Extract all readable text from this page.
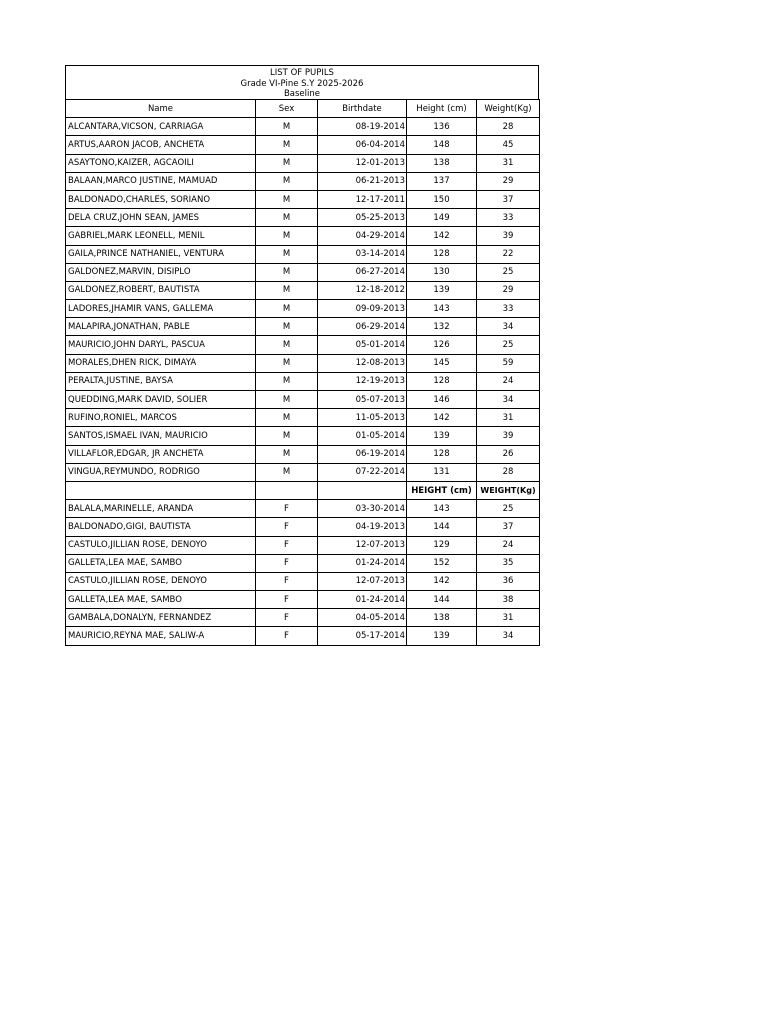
LIST OF PUPILS
Grade VI-Pine S.Y 2025-2026
Baseline
Name	Sex	Birthdate	Height (cm)	Weight(Kg)
ALCANTARA,VICSON, CARRIAGA	M	08-19-2014	136	28
ARTUS,AARON JACOB, ANCHETA	M	06-04-2014	148	45
ASAYTONO,KAIZER, AGCAOILI	M	12-01-2013	138	31
BALAAN,MARCO JUSTINE, MAMUAD	M	06-21-2013	137	29
BALDONADO,CHARLES, SORIANO	M	12-17-2011	150	37
DELA CRUZ,JOHN SEAN, JAMES	M	05-25-2013	149	33
GABRIEL,MARK LEONELL, MENIL	M	04-29-2014	142	39
GAILA,PRINCE NATHANIEL, VENTURA	M	03-14-2014	128	22
GALDONEZ,MARVIN, DISIPLO	M	06-27-2014	130	25
GALDONEZ,ROBERT, BAUTISTA	M	12-18-2012	139	29
LADORES,JHAMIR VANS, GALLEMA	M	09-09-2013	143	33
MALAPIRA,JONATHAN, PABLE	M	06-29-2014	132	34
MAURICIO,JOHN DARYL, PASCUA	M	05-01-2014	126	25
MORALES,DHEN RICK, DIMAYA	M	12-08-2013	145	59
PERALTA,JUSTINE, BAYSA	M	12-19-2013	128	24
QUEDDING,MARK DAVID, SOLIER	M	05-07-2013	146	34
RUFINO,RONIEL, MARCOS	M	11-05-2013	142	31
SANTOS,ISMAEL IVAN, MAURICIO	M	01-05-2014	139	39
VILLAFLOR,EDGAR, JR ANCHETA	M	06-19-2014	128	26
VINGUA,REYMUNDO, RODRIGO	M	07-22-2014	131	28
			HEIGHT (cm)	WEIGHT(Kg)
BALALA,MARINELLE, ARANDA	F	03-30-2014	143	25
BALDONADO,GIGI, BAUTISTA	F	04-19-2013	144	37
CASTULO,JILLIAN ROSE, DENOYO	F	12-07-2013	129	24
GALLETA,LEA MAE, SAMBO	F	01-24-2014	152	35
CASTULO,JILLIAN ROSE, DENOYO	F	12-07-2013	142	36
GALLETA,LEA MAE, SAMBO	F	01-24-2014	144	38
GAMBALA,DONALYN, FERNANDEZ	F	04-05-2014	138	31
MAURICIO,REYNA MAE, SALIW-A	F	05-17-2014	139	34
